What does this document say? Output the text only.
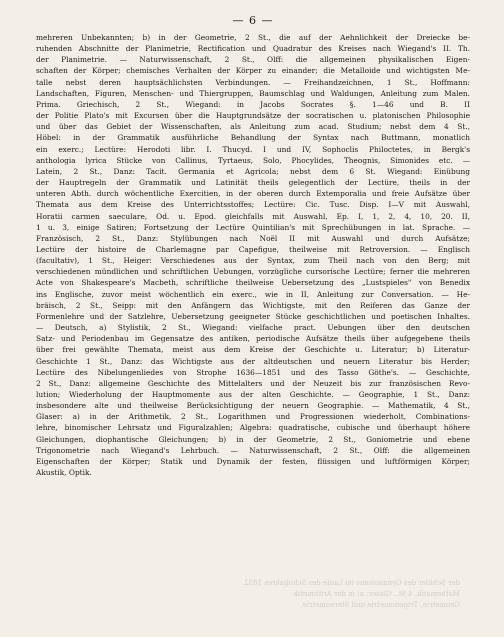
— 6 —
mehreren Unbekannten; b) in der Geometrie, 2 St., die auf der Aehnlichkeit der Dreiecke be-
ruhenden Abschnitte der Planimetrie, Rectification und Quadratur des Kreises nach Wiegand's II. Th.
der Planimetrie. — Naturwissenschaft, 2 St., Olff: die allgemeinen physikalischen Eigen-
schaften der Körper; chemisches Verhalten der Körper zu einander; die Metalloide und wichtigsten Me-
talle nebst deren hauptsächlichsten Verbindungen. — Freihandzeichnen, 1 St., Hoffmann:
Landschaften, Figuren, Menschen- und Thiergruppen, Baumschlag und Waldungen, Anleitung zum Malen.
Prima. Griechisch, 2 St., Wiegand: in Jacobs Socrates §. 1—46 und B. II
der Politie Plato's mit Excursen über die Hauptgrundsätze der socratischen u. platonischen Philosophie
und über das Gebiet der Wissenschaften, als Anleitung zum acad. Studium; nebst dem 4 St.,
Höbel: in der Grammatik ausführliche Behandlung der Syntax nach Buttmann, monatlich
ein exerc.; Lectüre: Herodoti libr. I. Thucyd. I und IV, Sophoclis Philoctetes, in Bergk's
anthologia lyrica Stücke von Callinus, Tyrtaeus, Solo, Phocylides, Theognis, Simonides etc. —
Latein, 2 St., Danz: Tacit. Germania et Agricola; nebst dem 6 St. Wiegand: Einübung
der Hauptregeln der Grammatik und Latinität theils gelegentlich der Lectüre, theils in der
unteren Abth. durch wöchentliche Exercitien, in der oberen durch Extemporalia und freie Aufsätze über
Themata aus dem Kreise des Unterrichtsstoffes; Lectüre: Cic. Tusc. Disp. I—V mit Auswahl,
Horatii carmen saeculare, Od. u. Epod. gleichfalls mit Auswahl, Ep. I, 1, 2, 4, 10, 20. II,
1 u. 3, einige Satiren; Fortsetzung der Lectüre Quintilian's mit Sprechübungen in lat. Sprache. —
Französisch, 2 St., Danz: Stylübungen nach Noël II mit Auswahl und durch Aufsätze;
Lectüre der histoire de Charlemagne par Capefigue, theilweise mit Retroversion. — Englisch
(facultativ), 1 St., Heiger: Verschiedenes aus der Syntax, zum Theil nach von den Berg; mit
verschiedenen mündlichen und schriftlichen Uebungen, vorzügliche cursorische Lectüre; ferner die mehreren
Acte von Shakespeare's Macbeth, schriftliche theilweise Uebersetzung des „Lustspieles" von Benedix
ins Englische, zuvor meist wöchentlich ein exerc., wie in II, Anleitung zur Conversation. — He-
bräisch, 2 St., Seipp: mit den Anfängern das Wichtigste, mit den Reiferen das Ganze der
Formenlehre und der Satzlehre, Uebersetzung geeigneter Stücke geschichtlichen und poetischen Inhaltes.
— Deutsch, a) Stylistik, 2 St., Wiegand: vielfache pract. Uebungen über den deutschen
Satz- und Periodenbau im Gegensatze des antiken, periodische Aufsätze theils über aufgegebene theils
über frei gewählte Themata, meist aus dem Kreise der Geschichte u. Literatur; b) Literatur-
Geschichte 1 St., Danz: das Wichtigste aus der altdeutschen und neuern Literatur bis Herder;
Lectüre des Nibelungenliedes von Strophe 1636—1851 und des Tasso Göthe's. — Geschichte,
2 St., Danz: allgemeine Geschichte des Mittelalters und der Neuzeit bis zur französischen Revo-
lution; Wiederholung der Hauptmomente aus der alten Geschichte. — Geographie, 1 St., Danz:
insbesondere alte und theilweise Berücksichtigung der neuern Geographie. — Mathematik, 4 St.,
Glaser: a) in der Arithmetik, 2 St., Logarithmen und Progressionen wiederholt, Combinations-
lehre, binomischer Lehrsatz und Figuralzahlen; Algebra: quadratische, cubische und überhaupt höhere
Gleichungen, diophantische Gleichungen; b) in der Geometrie, 2 St., Goniometrie und ebene
Trigonometrie nach Wiegand's Lehrbuch. — Naturwissenschaft, 2 St., Olff: die allgemeinen
Eigenschaften der Körper; Statik und Dynamik der festen, flüssigen und luftförmigen Körper;
Akustik, Optik.
der Schüler des Gymnasiums im Laufe des Schuljahres 1852.
Mathematik, 4 St., Glaser: a) in der Arithmetik
Geometrie, Trigonometrie und Stereometrie.
